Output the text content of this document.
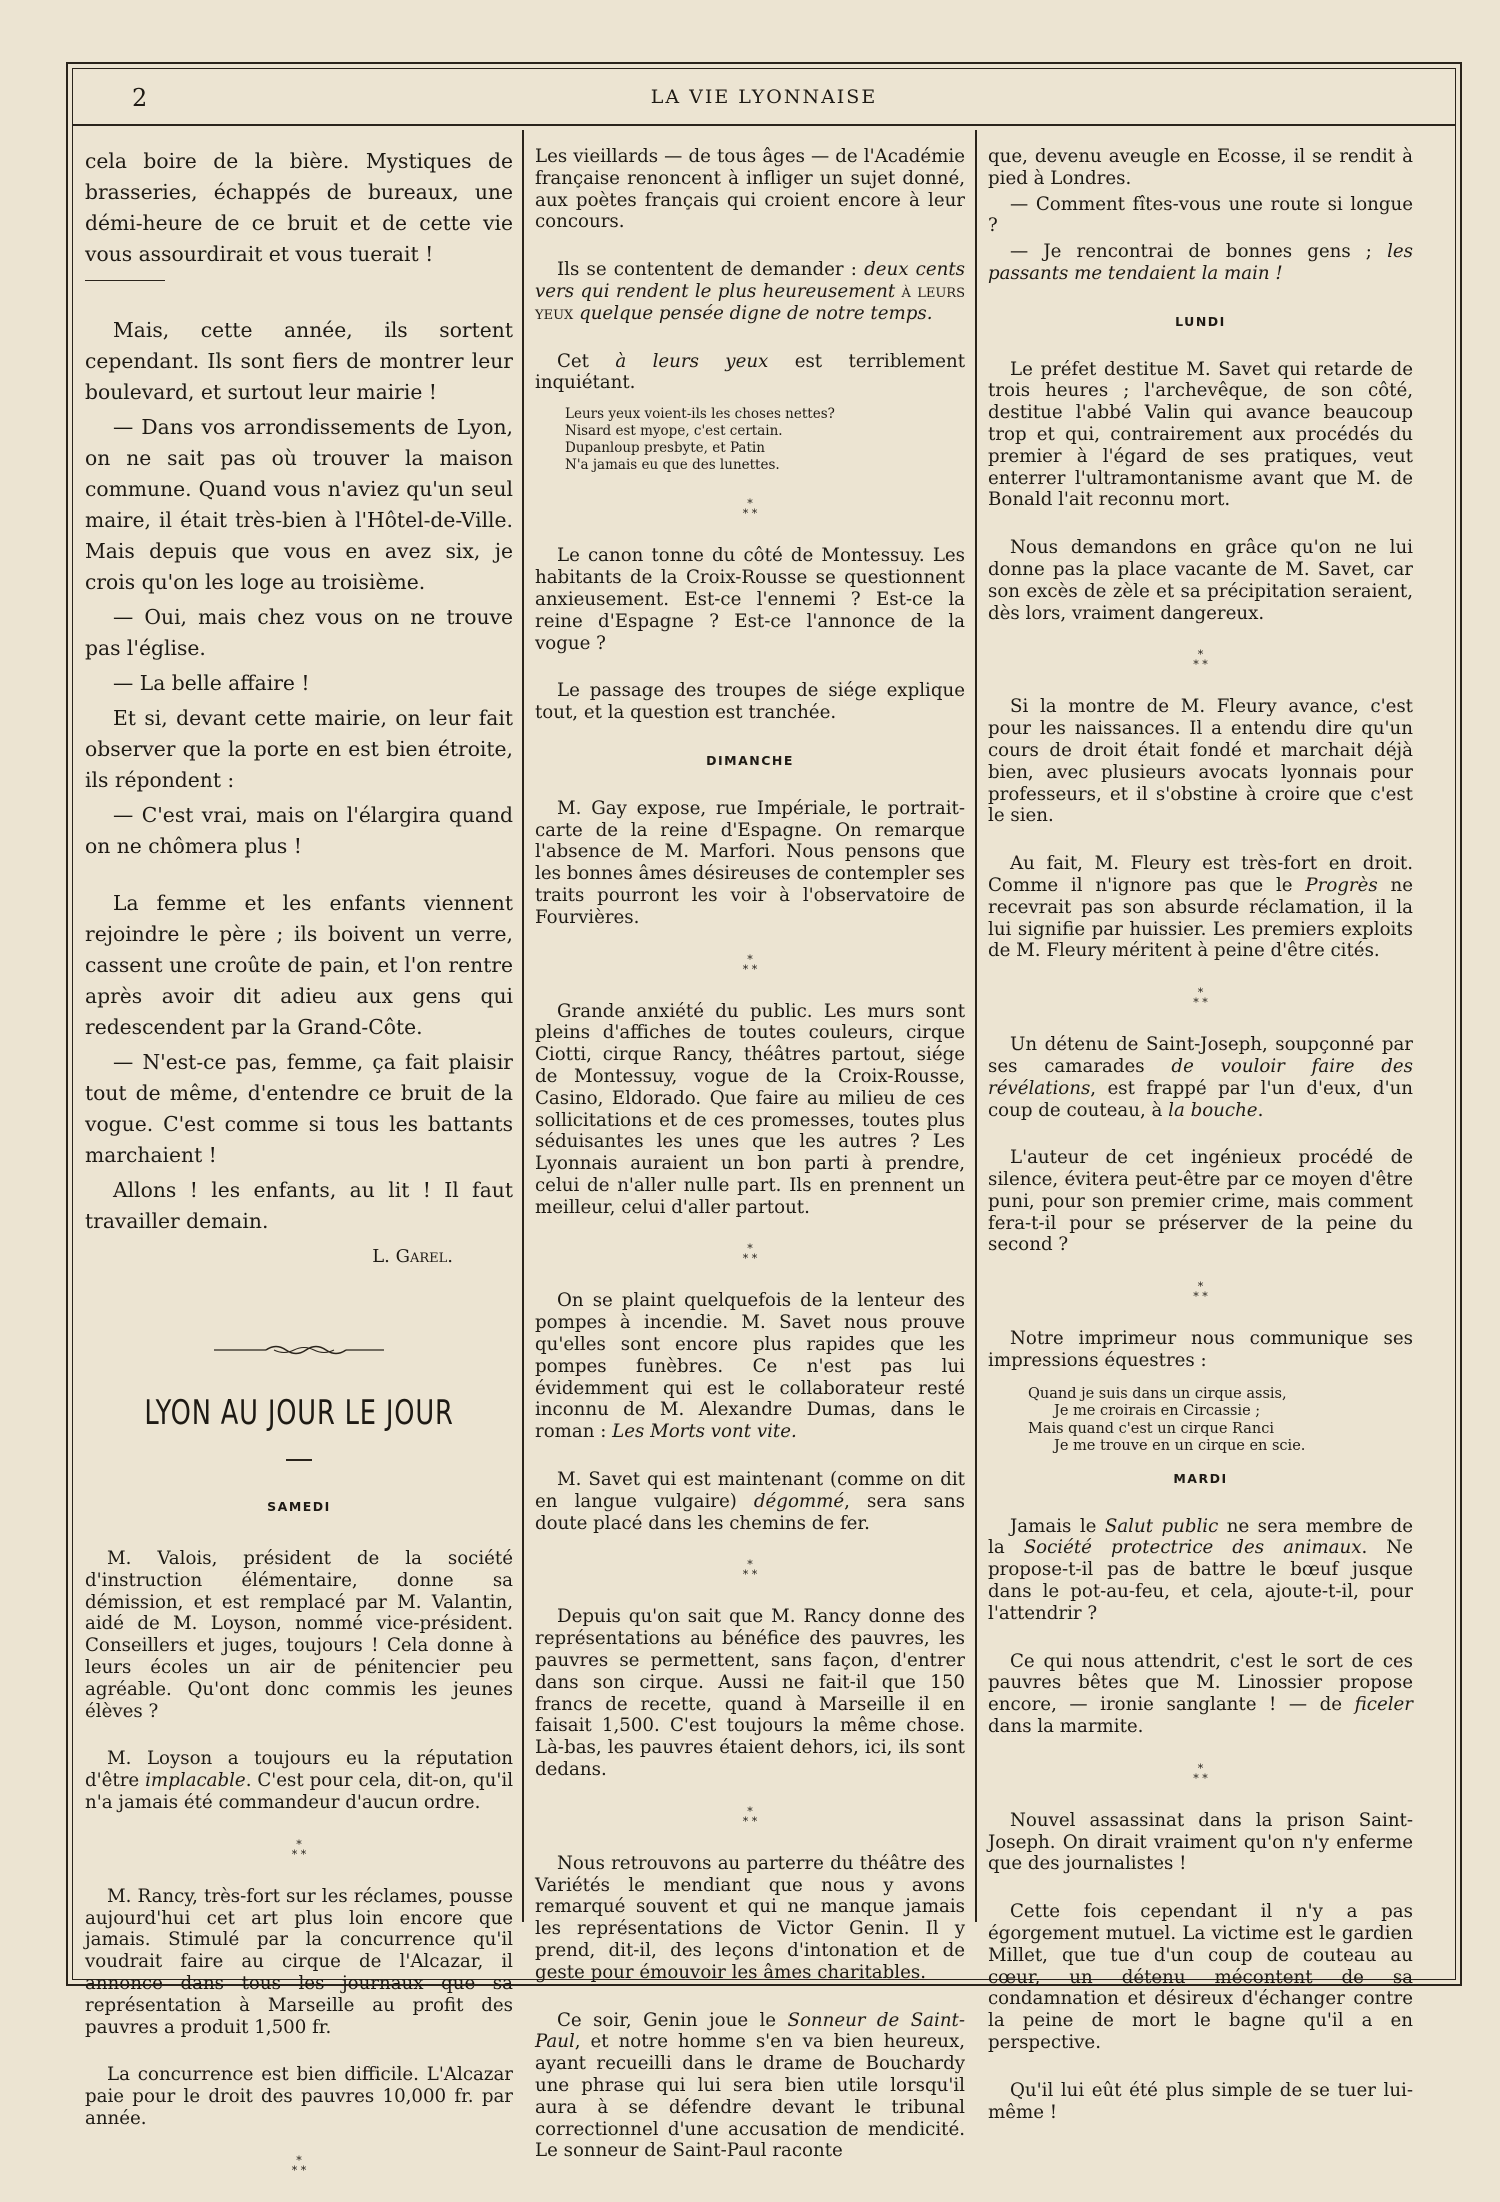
2	LA VIE LYONNAISE

cela boire de la bière. Mystiques de brasseries, échappés de bureaux, une démi-heure de ce bruit et de cette vie vous assourdirait et vous tuerait !

Mais, cette année, ils sortent cependant. Ils sont fiers de montrer leur boulevard, et surtout leur mairie !

— Dans vos arrondissements de Lyon, on ne sait pas où trouver la maison commune. Quand vous n'aviez qu'un seul maire, il était très-bien à l'Hôtel-de-Ville. Mais depuis que vous en avez six, je crois qu'on les loge au troisième.

— Oui, mais chez vous on ne trouve pas l'église.

— La belle affaire !

Et si, devant cette mairie, on leur fait observer que la porte en est bien étroite, ils répondent :

— C'est vrai, mais on l'élargira quand on ne chômera plus !

La femme et les enfants viennent rejoindre le père ; ils boivent un verre, cassent une croûte de pain, et l'on rentre après avoir dit adieu aux gens qui redescendent par la Grand-Côte.

— N'est-ce pas, femme, ça fait plaisir tout de même, d'entendre ce bruit de la vogue. C'est comme si tous les battants marchaient !

Allons ! les enfants, au lit ! Il faut travailler demain.

L. Garel.
LYON AU JOUR LE JOUR
SAMEDI

M. Valois, président de la société d'instruction élémentaire, donne sa démission, et est remplacé par M. Valantin, aidé de M. Loyson, nommé vice-président. Conseillers et juges, toujours ! Cela donne à leurs écoles un air de pénitencier peu agréable. Qu'ont donc commis les jeunes élèves ?

M. Loyson a toujours eu la réputation d'être implacable. C'est pour cela, dit-on, qu'il n'a jamais été commandeur d'aucun ordre.

*
* *

M. Rancy, très-fort sur les réclames, pousse aujourd'hui cet art plus loin encore que jamais. Stimulé par la concurrence qu'il voudrait faire au cirque de l'Alcazar, il annonce dans tous les journaux que sa représentation à Marseille au profit des pauvres a produit 1,500 fr.

La concurrence est bien difficile. L'Alcazar paie pour le droit des pauvres 10,000 fr. par année.

*
* *

Les vieillards — de tous âges — de l'Académie française renoncent à infliger un sujet donné, aux poètes français qui croient encore à leur concours.

Ils se contentent de demander : deux cents vers qui rendent le plus heureusement à leurs yeux quelque pensée digne de notre temps.

Cet à leurs yeux est terriblement inquiétant.

Leurs yeux voient-ils les choses nettes?
Nisard est myope, c'est certain.
Dupanloup presbyte, et Patin
N'a jamais eu que des lunettes.
*
* *

Le canon tonne du côté de Montessuy. Les habitants de la Croix-Rousse se questionnent anxieusement. Est-ce l'ennemi ? Est-ce la reine d'Espagne ? Est-ce l'annonce de la vogue ?

Le passage des troupes de siége explique tout, et la question est tranchée.

DIMANCHE

M. Gay expose, rue Impériale, le portrait-carte de la reine d'Espagne. On remarque l'absence de M. Marfori. Nous pensons que les bonnes âmes désireuses de contempler ses traits pourront les voir à l'observatoire de Fourvières.

*
* *

Grande anxiété du public. Les murs sont pleins d'affiches de toutes couleurs, cirque Ciotti, cirque Rancy, théâtres partout, siége de Montessuy, vogue de la Croix-Rousse, Casino, Eldorado. Que faire au milieu de ces sollicitations et de ces promesses, toutes plus séduisantes les unes que les autres ? Les Lyonnais auraient un bon parti à prendre, celui de n'aller nulle part. Ils en prennent un meilleur, celui d'aller partout.

*
* *

On se plaint quelquefois de la lenteur des pompes à incendie. M. Savet nous prouve qu'elles sont encore plus rapides que les pompes funèbres. Ce n'est pas lui évidemment qui est le collaborateur resté inconnu de M. Alexandre Dumas, dans le roman : Les Morts vont vite.

M. Savet qui est maintenant (comme on dit en langue vulgaire) dégommé, sera sans doute placé dans les chemins de fer.

*
* *

Depuis qu'on sait que M. Rancy donne des représentations au bénéfice des pauvres, les pauvres se permettent, sans façon, d'entrer dans son cirque. Aussi ne fait-il que 150 francs de recette, quand à Marseille il en faisait 1,500. C'est toujours la même chose. Là-bas, les pauvres étaient dehors, ici, ils sont dedans.

*
* *

Nous retrouvons au parterre du théâtre des Variétés le mendiant que nous y avons remarqué souvent et qui ne manque jamais les représentations de Victor Genin. Il y prend, dit-il, des leçons d'intonation et de geste pour émouvoir les âmes charitables.

Ce soir, Genin joue le Sonneur de Saint-Paul, et notre homme s'en va bien heureux, ayant recueilli dans le drame de Bouchardy une phrase qui lui sera bien utile lorsqu'il aura à se défendre devant le tribunal correctionnel d'une accusation de mendicité. Le sonneur de Saint-Paul raconte

que, devenu aveugle en Ecosse, il se rendit à pied à Londres.

— Comment fîtes-vous une route si longue ?

— Je rencontrai de bonnes gens ; les passants me tendaient la main !

LUNDI

Le préfet destitue M. Savet qui retarde de trois heures ; l'archevêque, de son côté, destitue l'abbé Valin qui avance beaucoup trop et qui, contrairement aux procédés du premier à l'égard de ses pratiques, veut enterrer l'ultramontanisme avant que M. de Bonald l'ait reconnu mort.

Nous demandons en grâce qu'on ne lui donne pas la place vacante de M. Savet, car son excès de zèle et sa précipitation seraient, dès lors, vraiment dangereux.

*
* *

Si la montre de M. Fleury avance, c'est pour les naissances. Il a entendu dire qu'un cours de droit était fondé et marchait déjà bien, avec plusieurs avocats lyonnais pour professeurs, et il s'obstine à croire que c'est le sien.

Au fait, M. Fleury est très-fort en droit. Comme il n'ignore pas que le Progrès ne recevrait pas son absurde réclamation, il la lui signifie par huissier. Les premiers exploits de M. Fleury méritent à peine d'être cités.

*
* *

Un détenu de Saint-Joseph, soupçonné par ses camarades de vouloir faire des révélations, est frappé par l'un d'eux, d'un coup de couteau, à la bouche.

L'auteur de cet ingénieux procédé de silence, évitera peut-être par ce moyen d'être puni, pour son premier crime, mais comment fera-t-il pour se préserver de la peine du second ?

*
* *

Notre imprimeur nous communique ses impressions équestres :

Quand je suis dans un cirque assis,
Je me croirais en Circassie ;
Mais quand c'est un cirque Ranci
Je me trouve en un cirque en scie.
MARDI

Jamais le Salut public ne sera membre de la Société protectrice des animaux. Ne propose-t-il pas de battre le bœuf jusque dans le pot-au-feu, et cela, ajoute-t-il, pour l'attendrir ?

Ce qui nous attendrit, c'est le sort de ces pauvres bêtes que M. Linossier propose encore, — ironie sanglante ! — de ficeler dans la marmite.

*
* *

Nouvel assassinat dans la prison Saint-Joseph. On dirait vraiment qu'on n'y enferme que des journalistes !

Cette fois cependant il n'y a pas égorgement mutuel. La victime est le gardien Millet, que tue d'un coup de couteau au cœur, un détenu mécontent de sa condamnation et désireux d'échanger contre la peine de mort le bagne qu'il a en perspective.

Qu'il lui eût été plus simple de se tuer lui-même !
